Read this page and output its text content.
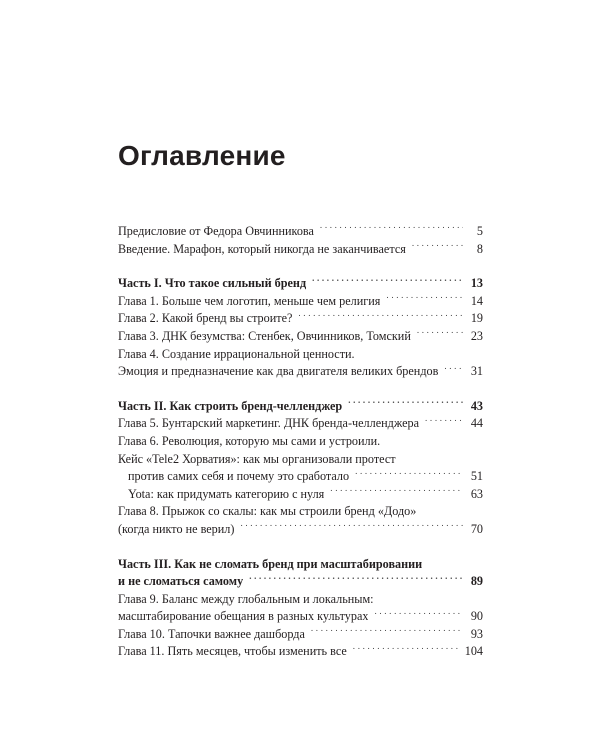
Оглавление
Предисловие от Федора Овчинникова . . .	5
Введение. Марафон, который никогда не заканчивается . . .	8
Часть I. Что такое сильный бренд . . .	13
Глава 1. Больше чем логотип, меньше чем религия . . .	14
Глава 2. Какой бренд вы строите? . . .	19
Глава 3. ДНК безумства: Стенбек, Овчинников, Томский . . .	23
Глава 4. Создание иррациональной ценности.
Эмоция и предназначение как два двигателя великих брендов . . .	31
Часть II. Как строить бренд-челленджер . . .	43
Глава 5. Бунтарский маркетинг. ДНК бренда-челленджера . . .	44
Глава 6. Революция, которую мы сами и устроили.
Кейс «Tele2 Хорватия»: как мы организовали протест
против самих себя и почему это сработало . . .	51
Yota: как придумать категорию с нуля . . .	63
Глава 8. Прыжок со скалы: как мы строили бренд «Додо»
(когда никто не верил) . . .	70
Часть III. Как не сломать бренд при масштабировании
и не сломаться самому . . .	89
Глава 9. Баланс между глобальным и локальным:
масштабирование обещания в разных культурах . . .	90
Глава 10. Тапочки важнее дашборда . . .	93
Глава 11. Пять месяцев, чтобы изменить все . . .	104
